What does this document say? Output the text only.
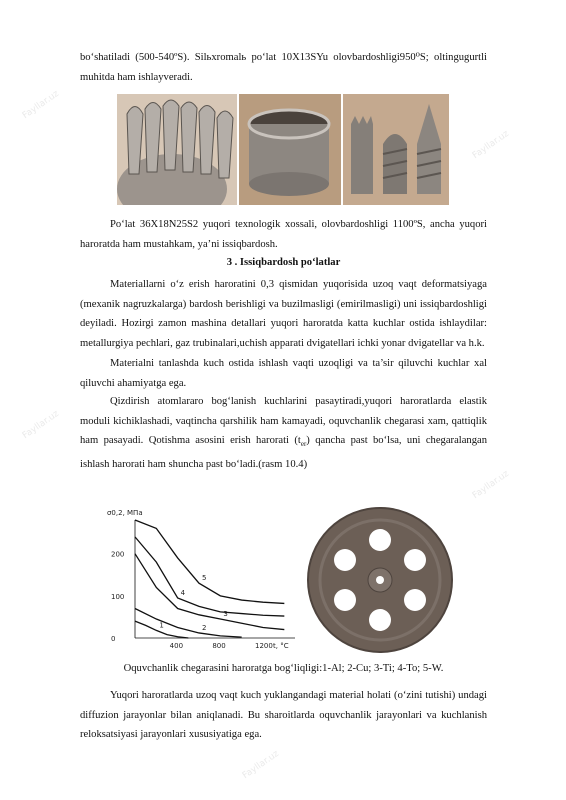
bo‘shatiladi (500-540ºS). Silьxromalь po‘lat 10X13SYu olovbardoshligi950⁰S; oltingugurtli muhitda ham ishlayveradi.

Po‘lat 36X18N25S2 yuqori texnologik xossali, olovbardoshligi 1100ºS, ancha yuqori haroratda ham mustahkam, ya’ni issiqbardosh.

3 . Issiqbardosh po‘latlar

Materiallarni o‘z erish haroratini 0,3 qismidan yuqorisida uzoq vaqt deformatsiyaga (mexanik nagruzkalarga) bardosh berishligi va buzilmasligi (emirilmasligi) uni issiqbardoshligi deyiladi. Hozirgi zamon mashina detallari yuqori haroratda katta kuchlar ostida ishlaydilar: metallurgiya pechlari, gaz trubinalari,uchish apparati dvigatellari ichki yonar dvigatellar va h.k.

Materialni tanlashda kuch ostida ishlash vaqti uzoqligi va ta’sir qiluvchi kuchlar xal qiluvchi ahamiyatga ega.

Qizdirish atomlararo bog‘lanish kuchlarini pasaytiradi,yuqori haroratlarda elastik moduli kichiklashadi, vaqtincha qarshilik ham kamayadi, oquvchanlik chegarasi xam, qattiqlik ham pasayadi. Qotishma asosini erish harorati $(t_{er})$ qancha past bo‘lsa, uni chegaralangan ishlash harorati ham shuncha past bo‘ladi.(rasm 10.4)

σ0,2, МПа
t, °C
200
100
0
400	800	1200
1	2
3
4
5

Oquvchanlik chegarasini haroratga bog‘liqligi:1-Al; 2-Cu; 3-Ti; 4-To; 5-W.

Yuqori haroratlarda uzoq vaqt kuch yuklangandagi material holati (o‘zini tutishi) undagi diffuzion jarayonlar bilan aniqlanadi. Bu sharoitlarda oquvchanlik jarayonlari va kuchlanish reloksatsiyasi jarayonlari xususiyatiga ega.

Fayllar.uz
Fayllar.uz
Fayllar.uz
Fayllar.uz
Fayllar.uz
